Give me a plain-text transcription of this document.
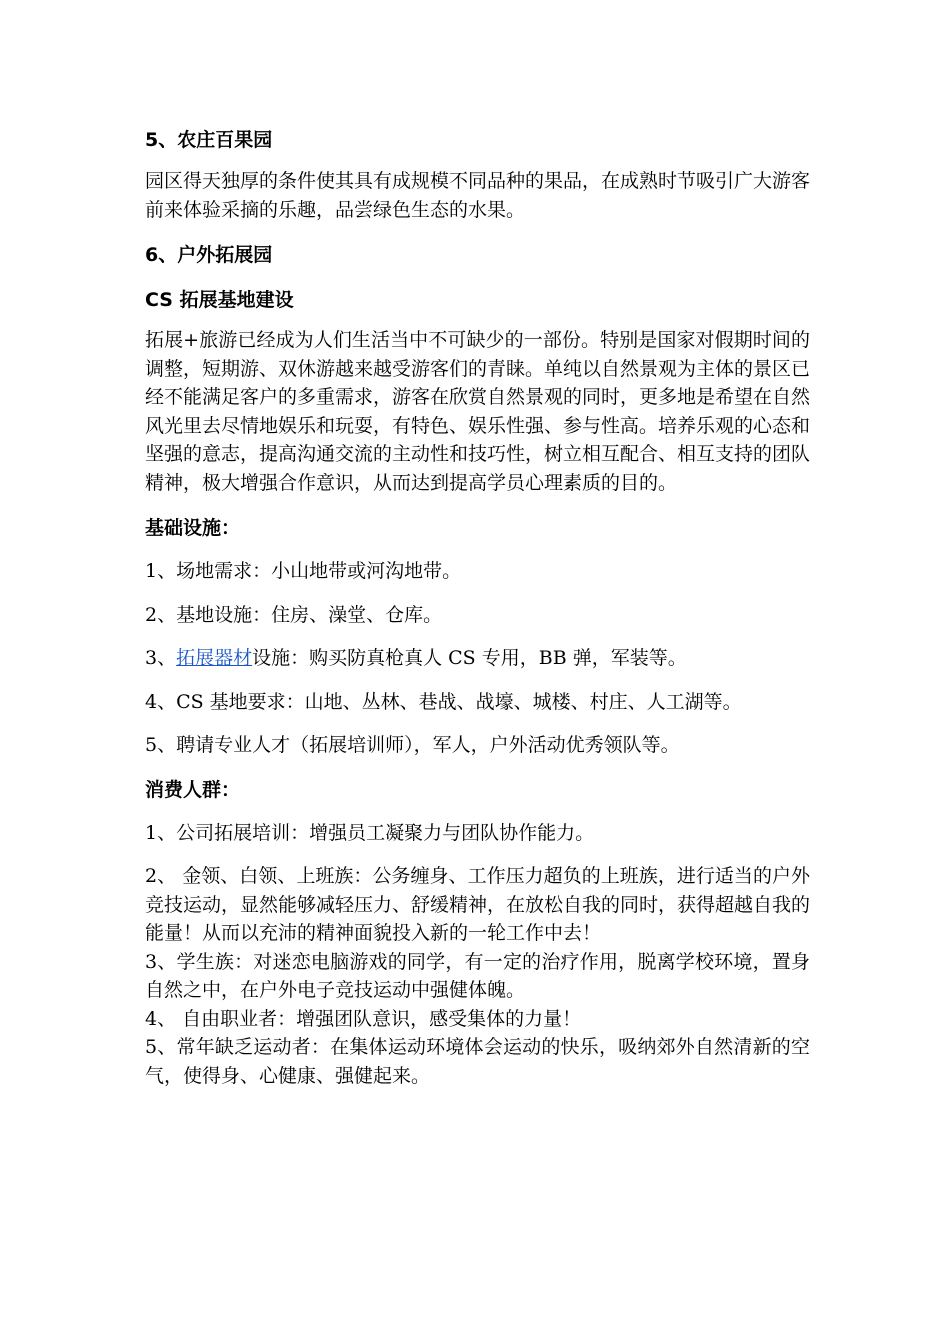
5、农庄百果园

园区得天独厚的条件使其具有成规模不同品种的果品，在成熟时节吸引广大游客前来体验采摘的乐趣，品尝绿色生态的水果。

6、户外拓展园

CS 拓展基地建设

拓展+旅游已经成为人们生活当中不可缺少的一部份。特别是国家对假期时间的调整，短期游、双休游越来越受游客们的青睐。单纯以自然景观为主体的景区已经不能满足客户的多重需求，游客在欣赏自然景观的同时，更多地是希望在自然风光里去尽情地娱乐和玩耍，有特色、娱乐性强、参与性高。培养乐观的心态和坚强的意志，提高沟通交流的主动性和技巧性，树立相互配合、相互支持的团队精神，极大增强合作意识，从而达到提高学员心理素质的目的。

基础设施：

1、场地需求：小山地带或河沟地带。

2、基地设施：住房、澡堂、仓库。

3、拓展器材设施：购买防真枪真人 CS 专用，BB 弹，军装等。

4、CS 基地要求：山地、丛林、巷战、战壕、城楼、村庄、人工湖等。

5、聘请专业人才（拓展培训师），军人，户外活动优秀领队等。

消费人群：

1、公司拓展培训：增强员工凝聚力与团队协作能力。

2、 金领、白领、上班族：公务缠身、工作压力超负的上班族，进行适当的户外竞技运动，显然能够减轻压力、舒缓精神，在放松自我的同时，获得超越自我的能量！从而以充沛的精神面貌投入新的一轮工作中去！

3、学生族：对迷恋电脑游戏的同学，有一定的治疗作用，脱离学校环境，置身自然之中，在户外电子竞技运动中强健体魄。

4、 自由职业者：增强团队意识，感受集体的力量！

5、常年缺乏运动者：在集体运动环境体会运动的快乐，吸纳郊外自然清新的空气，使得身、心健康、强健起来。
